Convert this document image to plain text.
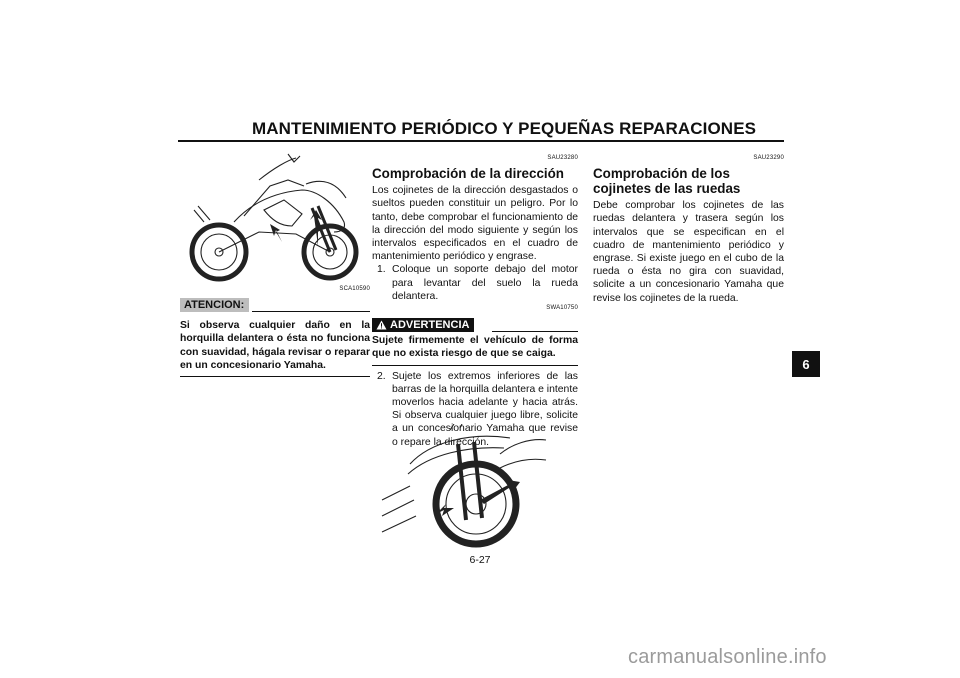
MANTENIMIENTO PERIÓDICO Y PEQUEÑAS REPARACIONES
SCA10590
ATENCION:

Si observa cualquier daño en la horquilla delantera o ésta no funciona con suavidad, hágala revisar o reparar en un concesionario Yamaha.

SAU23280
Comprobación de la dirección

Los cojinetes de la dirección desgastados o sueltos pueden constituir un peligro. Por lo tanto, debe comprobar el funcionamiento de la dirección del modo siguiente y según los intervalos especificados en el cuadro de mantenimiento periódico y engrase.

1. Coloque un soporte debajo del motor para levantar del suelo la rueda delantera.
SWA10750
ADVERTENCIA

Sujete firmemente el vehículo de forma que no exista riesgo de que se caiga.

2. Sujete los extremos inferiores de las barras de la horquilla delantera e intente moverlos hacia adelante y hacia atrás. Si observa cualquier juego libre, solicite a un concesionario Yamaha que revise o repare la dirección.
SAU23290
Comprobación de los cojinetes de las ruedas

Debe comprobar los cojinetes de las ruedas delantera y trasera según los intervalos que se especifican en el cuadro de mantenimiento periódico y engrase. Si existe juego en el cubo de la rueda o ésta no gira con suavidad, solicite a un concesionario Yamaha que revise los cojinetes de la rueda.

6
6-27
carmanualsonline.info
